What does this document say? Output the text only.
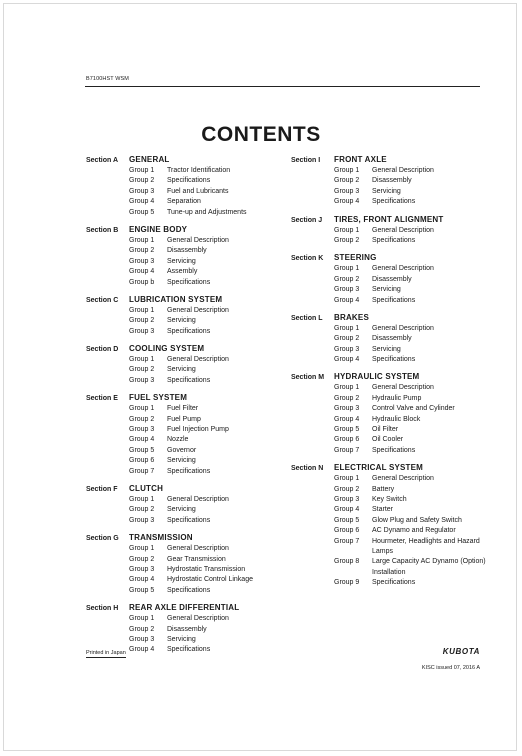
B7100HST WSM
CONTENTS
Section A	GENERAL
Group 1	Tractor Identification
Group 2	Specifications
Group 3	Fuel and Lubricants
Group 4	Separation
Group 5	Tune-up and Adjustments
Section B	ENGINE BODY
Group 1	General Description
Group 2	Disassembly
Group 3	Servicing
Group 4	Assembly
Group b	Specifications
Section C	LUBRICATION SYSTEM
Group 1	General Description
Group 2	Servicing
Group 3	Specifications
Section D	COOLING SYSTEM
Group 1	General Description
Group 2	Servicing
Group 3	Specifications
Section E	FUEL SYSTEM
Group 1	Fuel Filter
Group 2	Fuel Pump
Group 3	Fuel Injection Pump
Group 4	Nozzle
Group 5	Governor
Group 6	Servicing
Group 7	Specifications
Section F	CLUTCH
Group 1	General Description
Group 2	Servicing
Group 3	Specifications
Section G	TRANSMISSION
Group 1	General Description
Group 2	Gear Transmission
Group 3	Hydrostatic Transmission
Group 4	Hydrostatic Control Linkage
Group 5	Specifications
Section H	REAR AXLE DIFFERENTIAL
Group 1	General Description
Group 2	Disassembly
Group 3	Servicing
Group 4	Specifications
Section I	FRONT AXLE
Group 1	General Description
Group 2	Disassembly
Group 3	Servicing
Group 4	Specifications
Section J	TIRES, FRONT ALIGNMENT
Group 1	General Description
Group 2	Specifications
Section K	STEERING
Group 1	General Description
Group 2	Disassembly
Group 3	Servicing
Group 4	Specifications
Section L	BRAKES
Group 1	General Description
Group 2	Disassembly
Group 3	Servicing
Group 4	Specifications
Section M	HYDRAULIC SYSTEM
Group 1	General Description
Group 2	Hydraulic Pump
Group 3	Control Valve and Cylinder
Group 4	Hydraulic Block
Group 5	Oil Filter
Group 6	Oil Cooler
Group 7	Specifications
Section N	ELECTRICAL SYSTEM
Group 1	General Description
Group 2	Battery
Group 3	Key Switch
Group 4	Starter
Group 5	Glow Plug and Safety Switch
Group 6	AC Dynamo and Regulator
Group 7	Hourmeter, Headlights and Hazard Lamps
Group 8	Large Capacity AC Dynamo (Option) Installation
Group 9	Specifications
Printed in Japan	KUBOTA
KISC issued 07, 2016 A
